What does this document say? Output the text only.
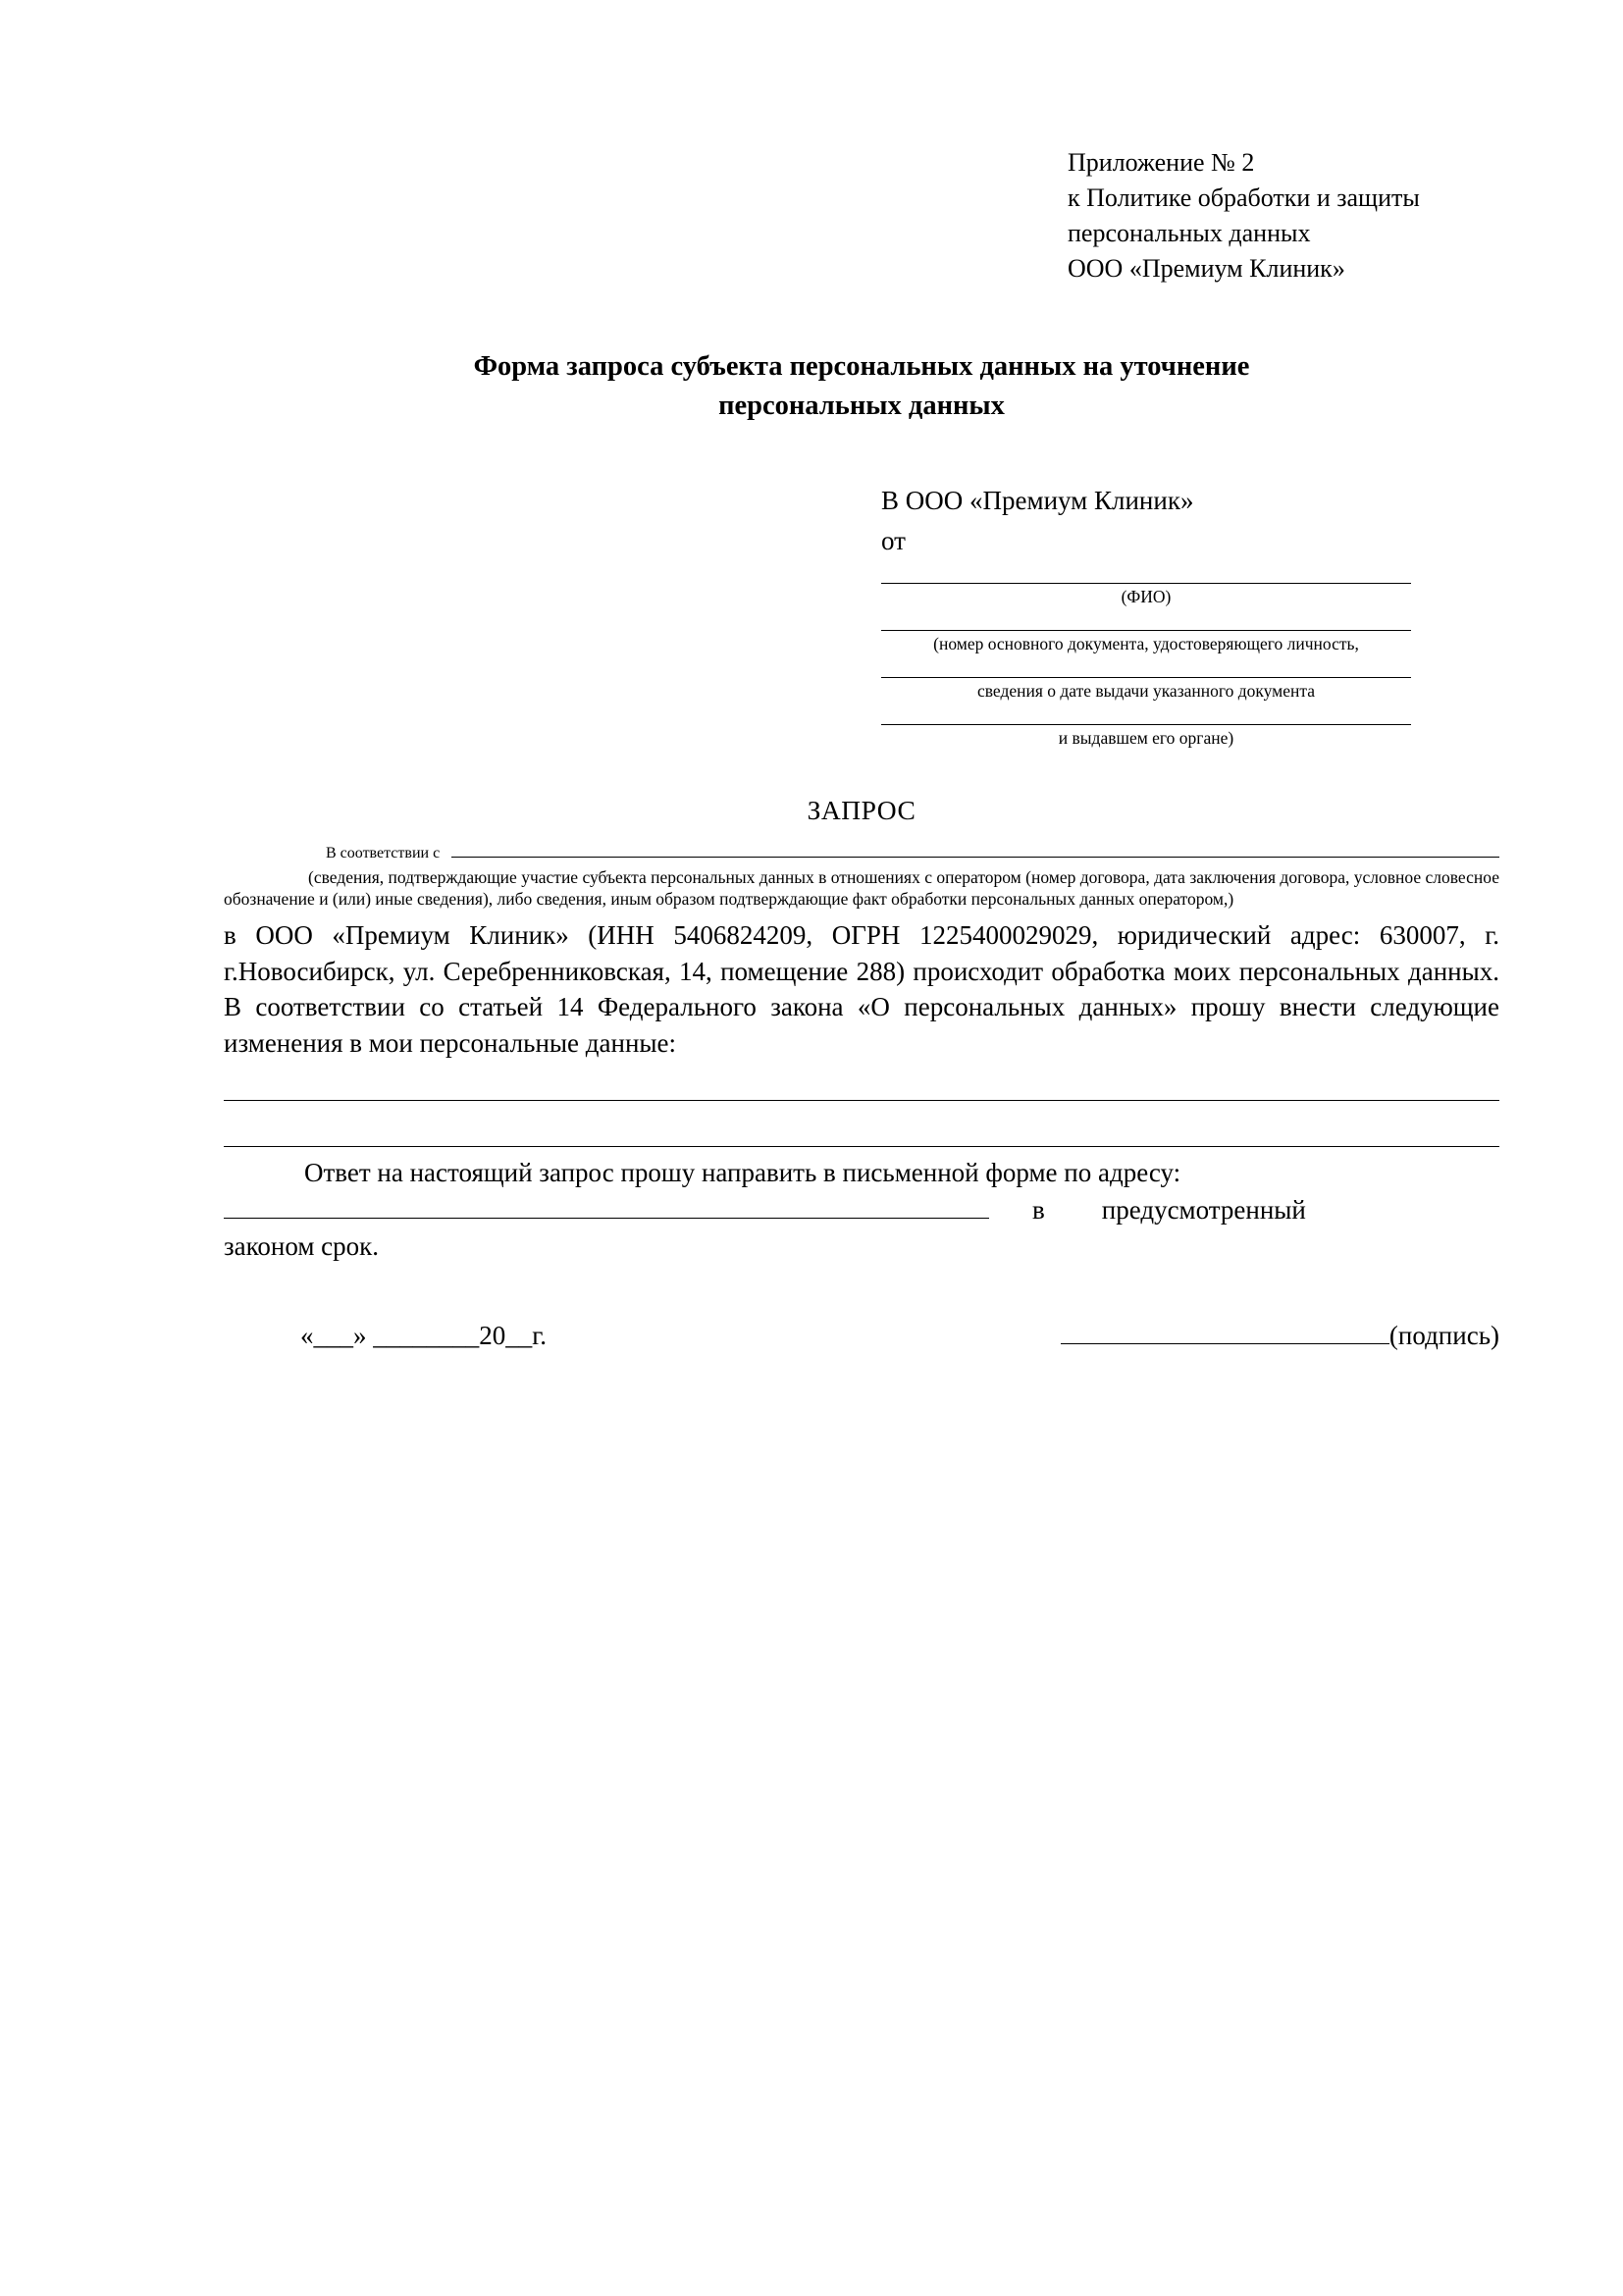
Приложение № 2
к Политике обработки и защиты
персональных данных
ООО «Премиум Клиник»
Форма запроса субъекта персональных данных на уточнение
персональных данных
В ООО «Премиум Клиник»
от
(ФИО)
(номер основного документа, удостоверяющего личность,
сведения о дате выдачи указанного документа
и выдавшем его органе)
ЗАПРОС
В соответствии с
(сведения, подтверждающие участие субъекта персональных данных в отношениях с оператором (номер договора, дата заключения договора, условное словесное обозначение и (или) иные сведения), либо сведения, иным образом подтверждающие факт обработки персональных данных оператором,)
в ООО «Премиум Клиник» (ИНН 5406824209, ОГРН 1225400029029, юридический адрес: 630007, г. г.Новосибирск, ул. Серебренниковская, 14, помещение 288) происходит обработка моих персональных данных. В соответствии со статьей 14 Федерального закона «О персональных данных» прошу внести следующие изменения в мои персональные данные:
Ответ на настоящий запрос прошу направить в письменной форме по адресу:
в предусмотренный
законом срок.
«___» ________20__г.	(подпись)
